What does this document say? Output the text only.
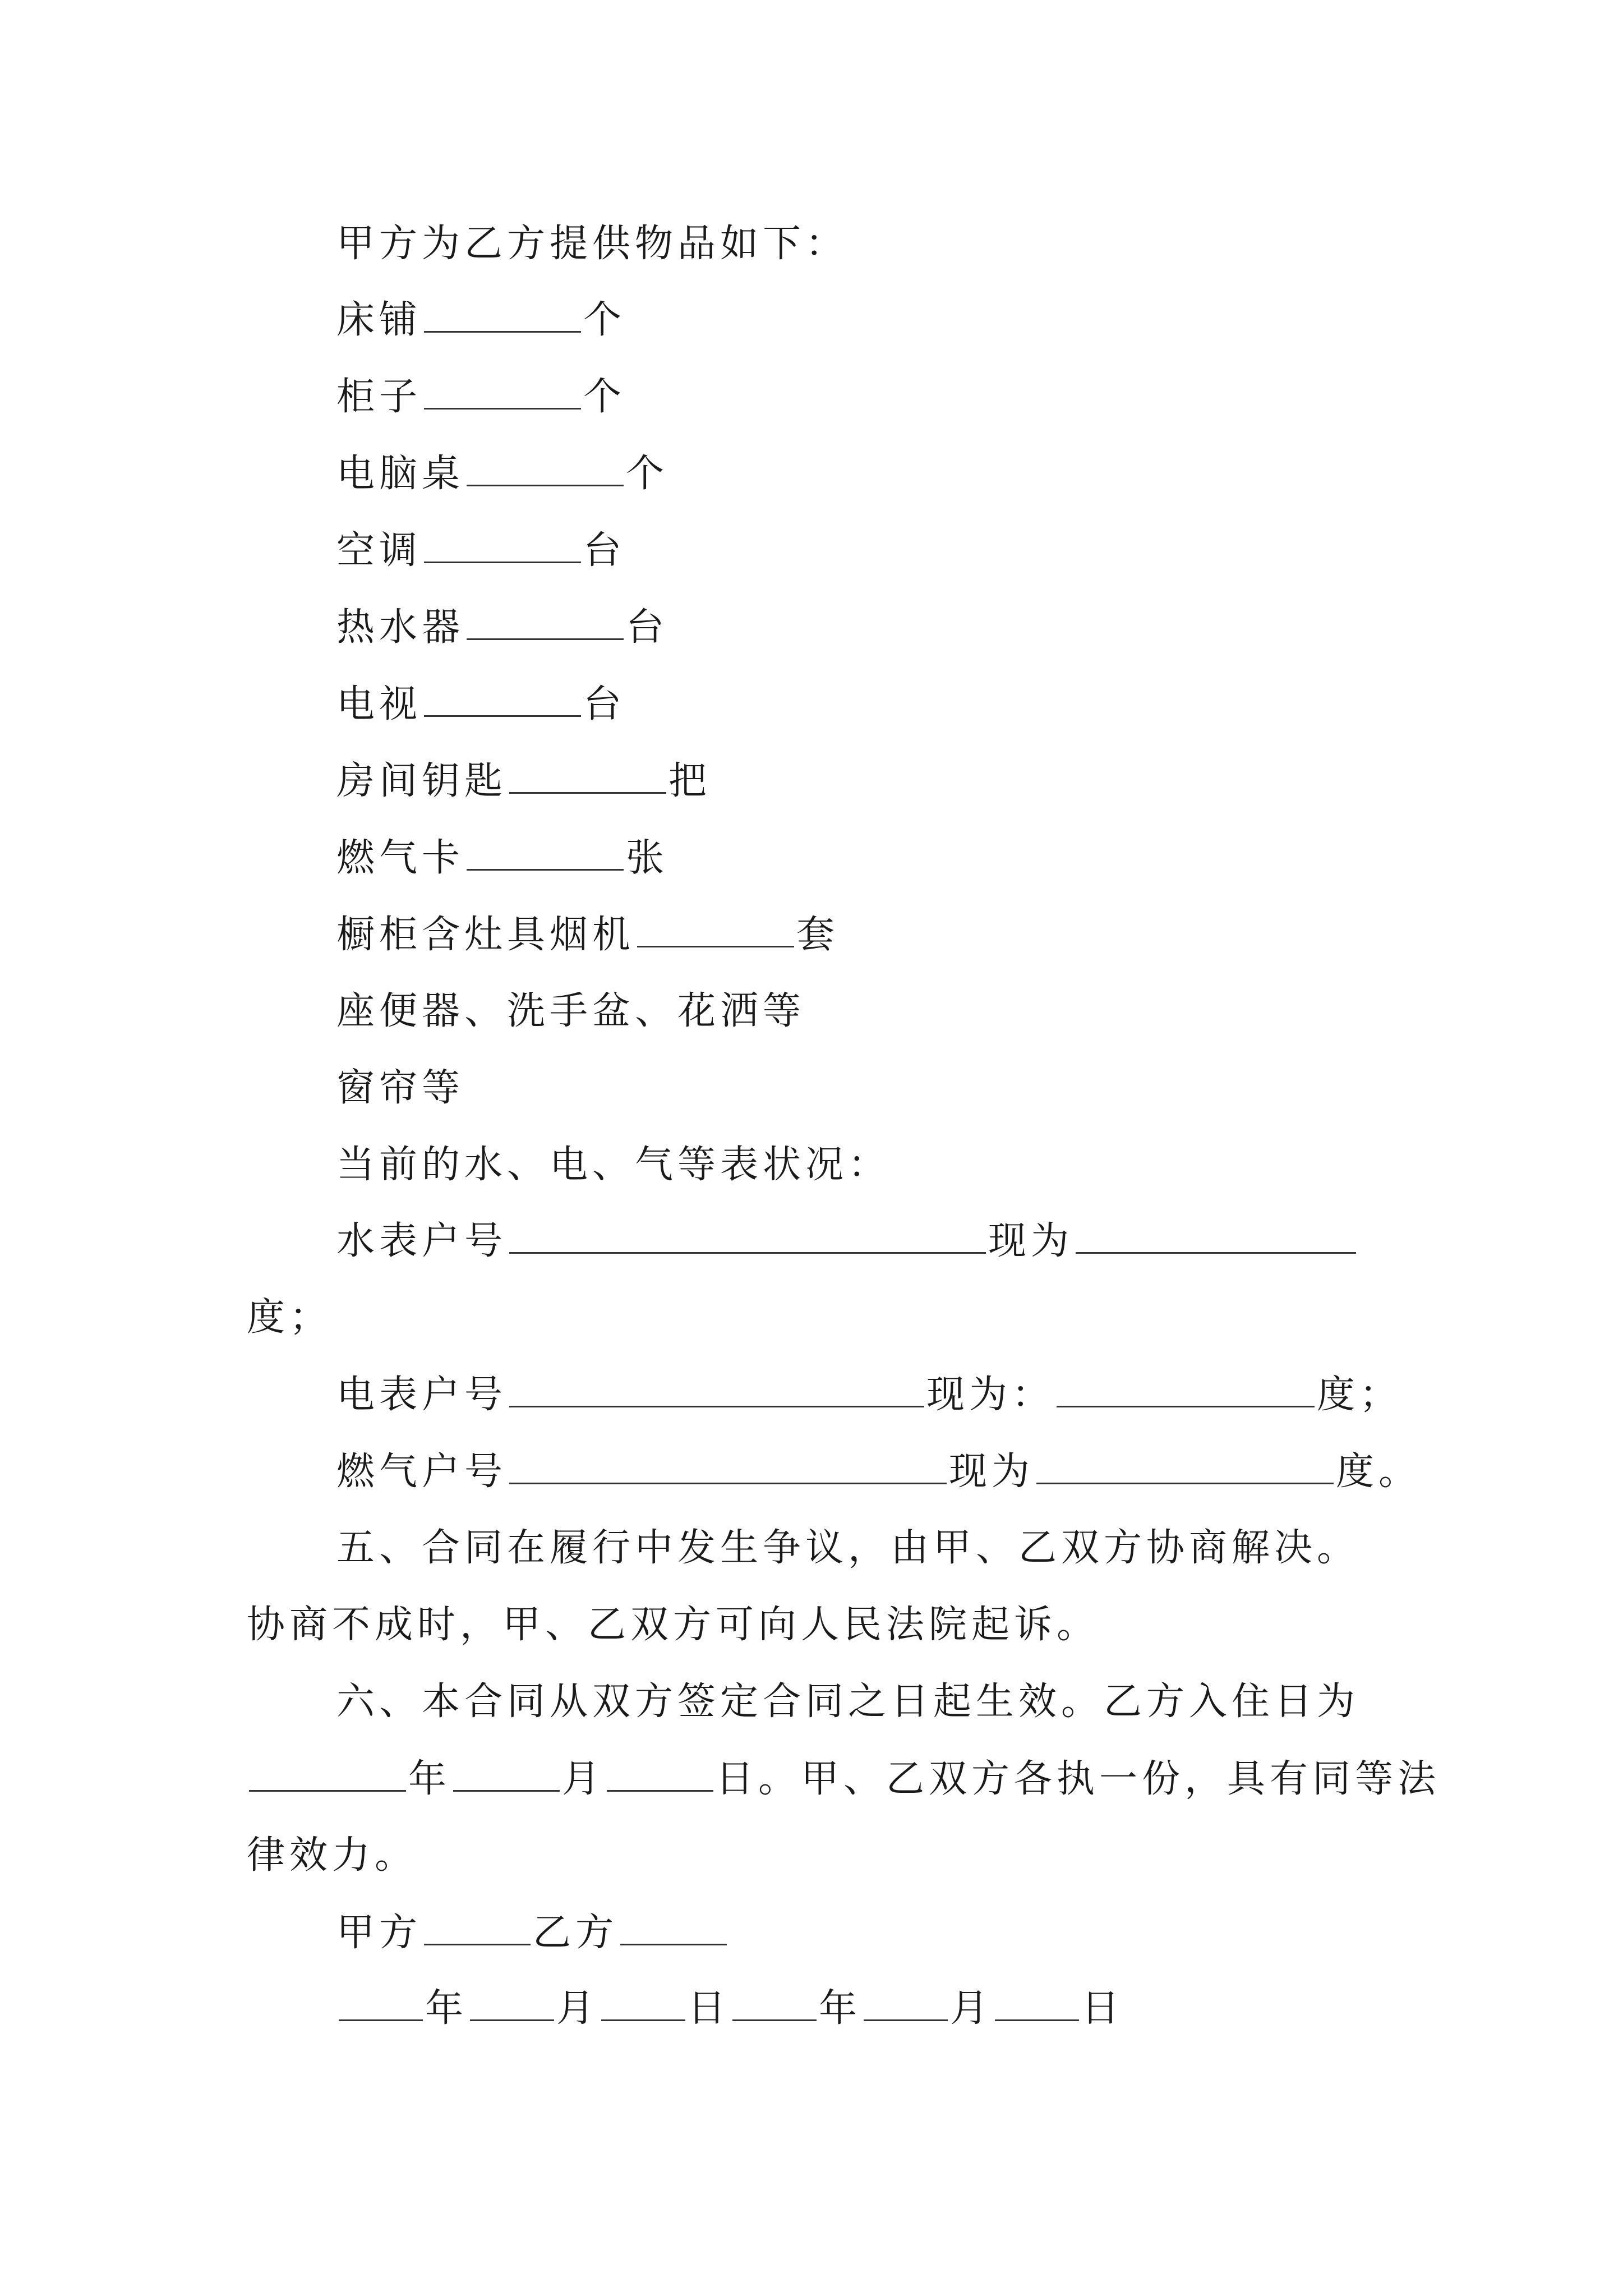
甲方为乙方提供物品如下：
床铺	个
柜子	个
电脑桌	个
空调	台
热水器	台
电视	台
房间钥匙	把
燃气卡	张
橱柜含灶具烟机	套
座便器、洗手盆、花洒等
窗帘等
当前的水、电、气等表状况：
水表户号	现为
度；
电表户号	现为：	度；
燃气户号	现为	度。
五、合同在履行中发生争议，由甲、乙双方协商解决。
协商不成时，甲、乙双方可向人民法院起诉。
六、本合同从双方签定合同之日起生效。乙方入住日为
年	月	日。甲、乙双方各执一份，具有同等法
律效力。
甲方	乙方
年 月 日 年 月 日
